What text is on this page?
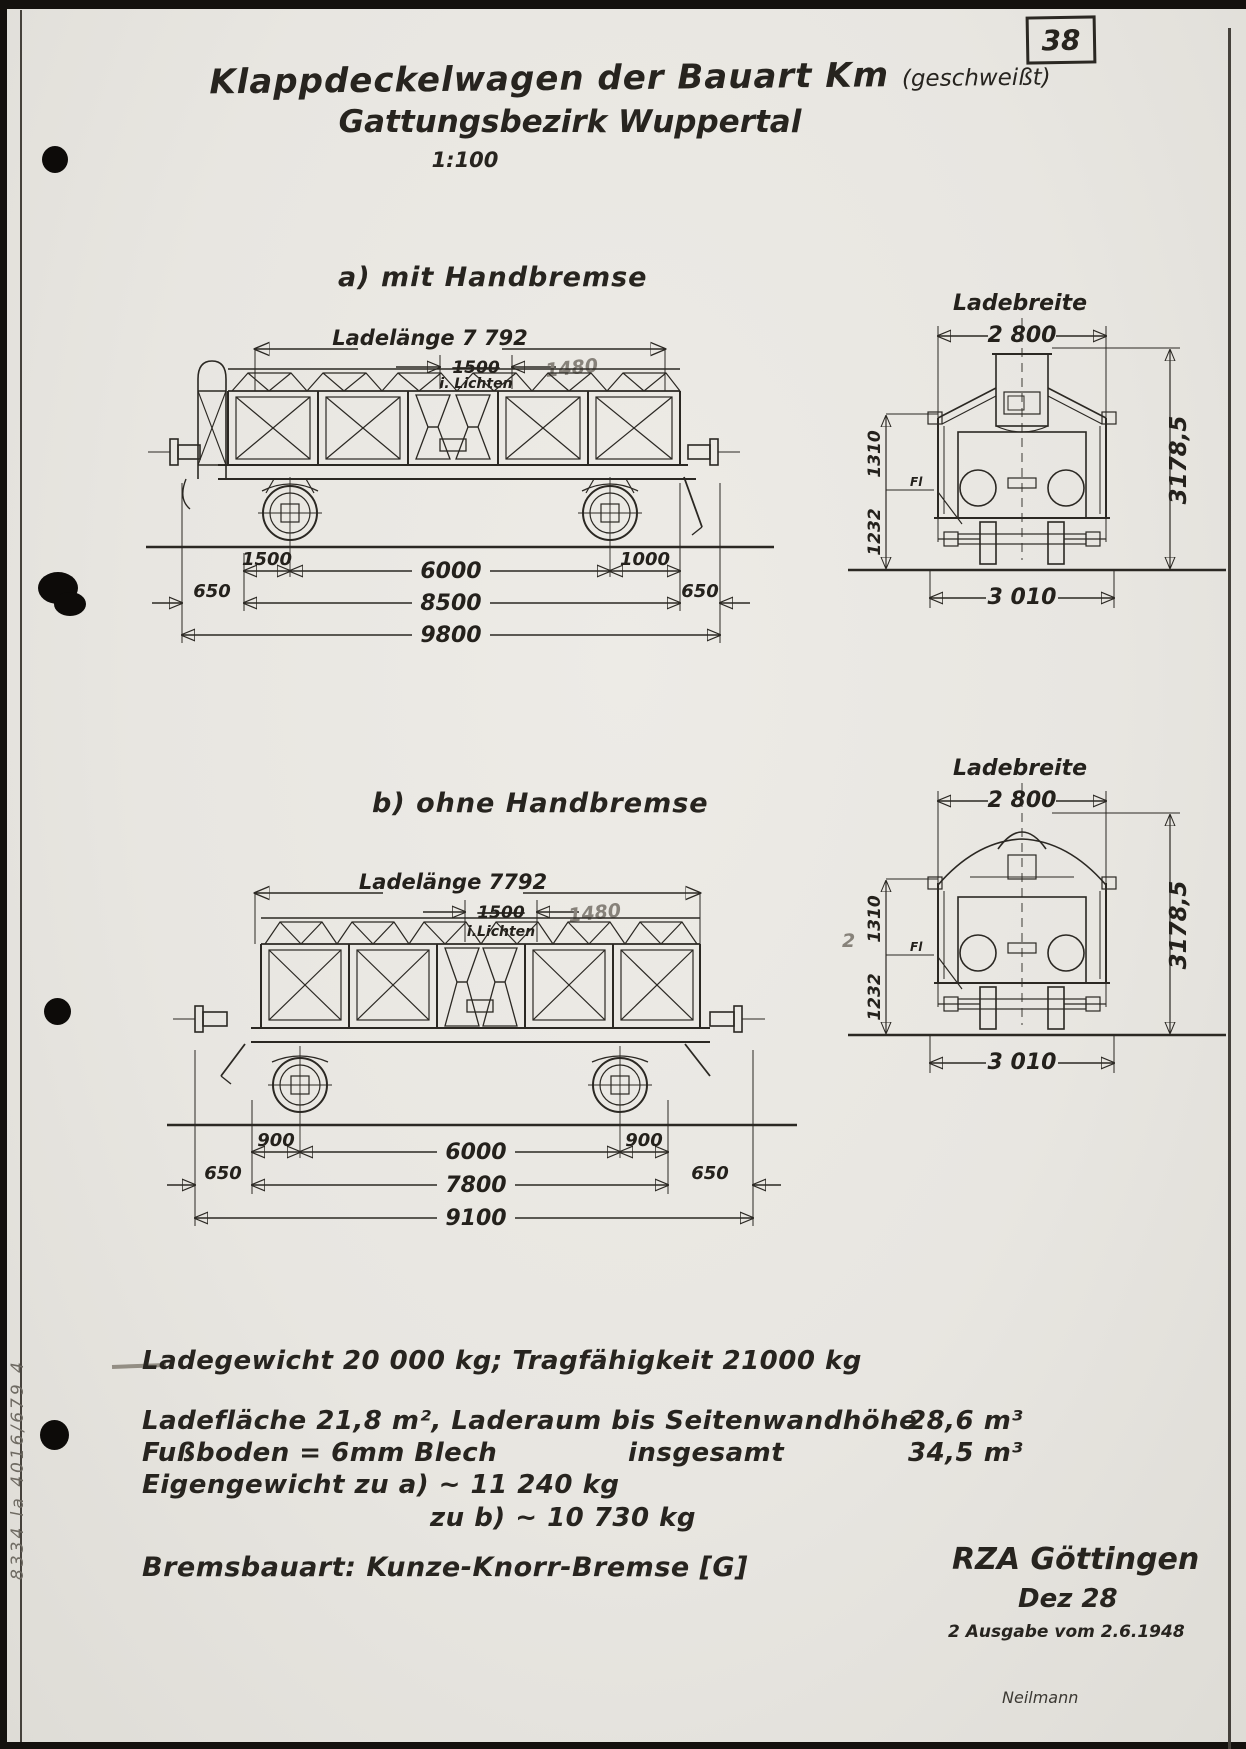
38
Klappdeckelwagen der Bauart Km (geschweißt)
Gattungsbezirk Wuppertal
1:100
a) mit Handbremse
Ladelänge 7 792
1500 1480
i. Lichten
1500	6000	1000
650	8500	650
9800
Ladebreite
2 800
1310
1232
Fl	3178,5
3 010
b) ohne Handbremse
Ladelänge 7792
1500 1480
i.Lichten
900	6000	900
650	7800	650
9100
Ladebreite
2 800
1310
1232
Fl
2	3178,5
3 010
Ladegewicht 20 000 kg; Tragfähigkeit 21000 kg
Ladefläche 21,8 m², Laderaum bis Seitenwandhöhe
28,6 m³
Fußboden = 6mm Blech	insgesamt	34,5 m³
Eigengewicht zu a) ~ 11 240 kg
zu b) ~ 10 730 kg
Bremsbauart: Kunze-Knorr-Bremse [G]	RZA Göttingen
Dez 28
2 Ausgabe vom 2.6.1948
Neilmann
8334 la 4016/679 4
